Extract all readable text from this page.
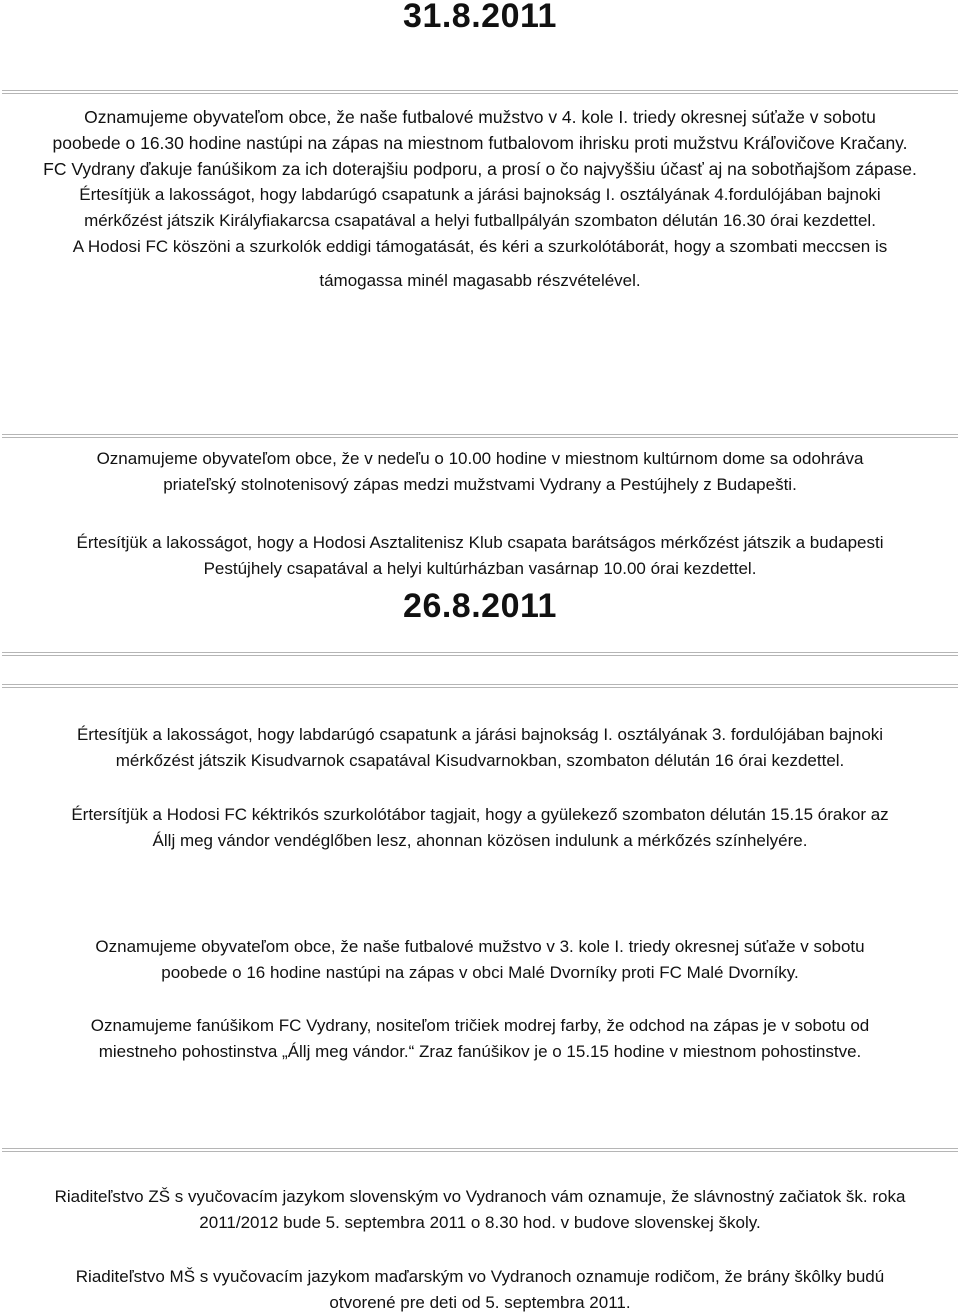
31.8.2011
Oznamujeme obyvateľom obce, že naše futbalové mužstvo v 4. kole I. triedy okresnej súťaže v sobotu
poobede o 16.30 hodine nastúpi na zápas na miestnom futbalovom ihrisku proti mužstvu Kráľovičove Kračany.
FC Vydrany ďakuje fanúšikom za ich doterajšiu podporu, a prosí o čo najvyššiu účasť aj na sobotňajšom zápase.
Értesítjük a lakosságot, hogy labdarúgó csapatunk a járási bajnokság I. osztályának 4.fordulójában bajnoki
mérkőzést játszik Királyfiakarcsa csapatával a helyi futballpályán szombaton délután 16.30 órai kezdettel.
A Hodosi FC köszöni a szurkolók eddigi támogatását, és kéri a szurkolótáborát, hogy a szombati meccsen is
támogassa minél magasabb részvételével.
Oznamujeme obyvateľom obce, že v nedeľu o 10.00 hodine v miestnom kultúrnom dome sa odohráva
priateľský stolnotenisový zápas medzi mužstvami Vydrany a Pestújhely z Budapešti.
Értesítjük a lakosságot, hogy a Hodosi Asztalitenisz Klub csapata barátságos mérkőzést játszik a budapesti
Pestújhely csapatával a helyi kultúrházban vasárnap 10.00 órai kezdettel.
26.8.2011
Értesítjük a lakosságot, hogy labdarúgó csapatunk a járási bajnokság I. osztályának 3. fordulójában bajnoki
mérkőzést játszik Kisudvarnok csapatával Kisudvarnokban, szombaton délután 16 órai kezdettel.
Értersítjük a Hodosi FC kéktrikós szurkolótábor tagjait, hogy a gyülekező szombaton délután 15.15 órakor az
Állj meg vándor vendéglőben lesz, ahonnan közösen indulunk a mérkőzés színhelyére.
Oznamujeme obyvateľom obce, že naše futbalové mužstvo v 3. kole I. triedy okresnej súťaže v sobotu
poobede o 16 hodine nastúpi na zápas v obci Malé Dvorníky proti FC Malé Dvorníky.
Oznamujeme fanúšikom FC Vydrany, nositeľom tričiek modrej farby, že odchod na zápas je v sobotu od
miestneho pohostinstva „Állj meg vándor.“ Zraz fanúšikov je o 15.15 hodine v miestnom pohostinstve.
Riaditeľstvo ZŠ s vyučovacím jazykom slovenským vo Vydranoch vám oznamuje, že slávnostný začiatok šk. roka
2011/2012 bude 5. septembra 2011 o 8.30 hod. v budove slovenskej školy.
Riaditeľstvo MŠ s vyučovacím jazykom maďarským vo Vydranoch oznamuje rodičom, že brány škôlky budú
otvorené pre deti od 5. septembra 2011.
